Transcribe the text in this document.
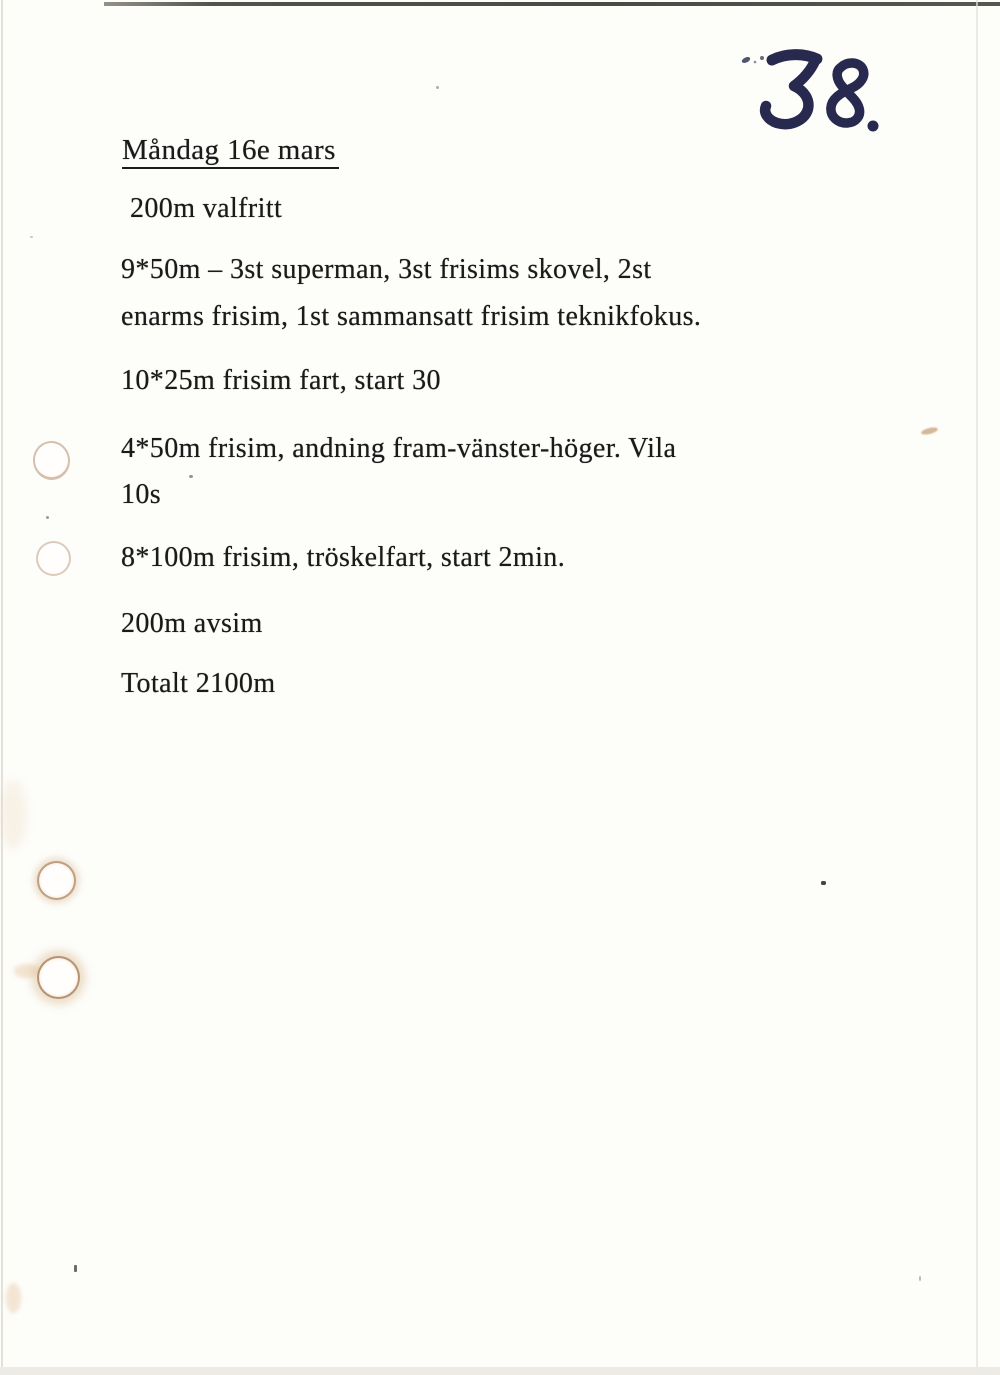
Måndag 16e mars
200m valfritt
9*50m – 3st superman, 3st frisims skovel, 2st
enarms frisim, 1st sammansatt frisim teknikfokus.
10*25m frisim fart, start 30
4*50m frisim, andning fram-vänster-höger. Vila
10s
8*100m frisim, tröskelfart, start 2min.
200m avsim
Totalt 2100m
